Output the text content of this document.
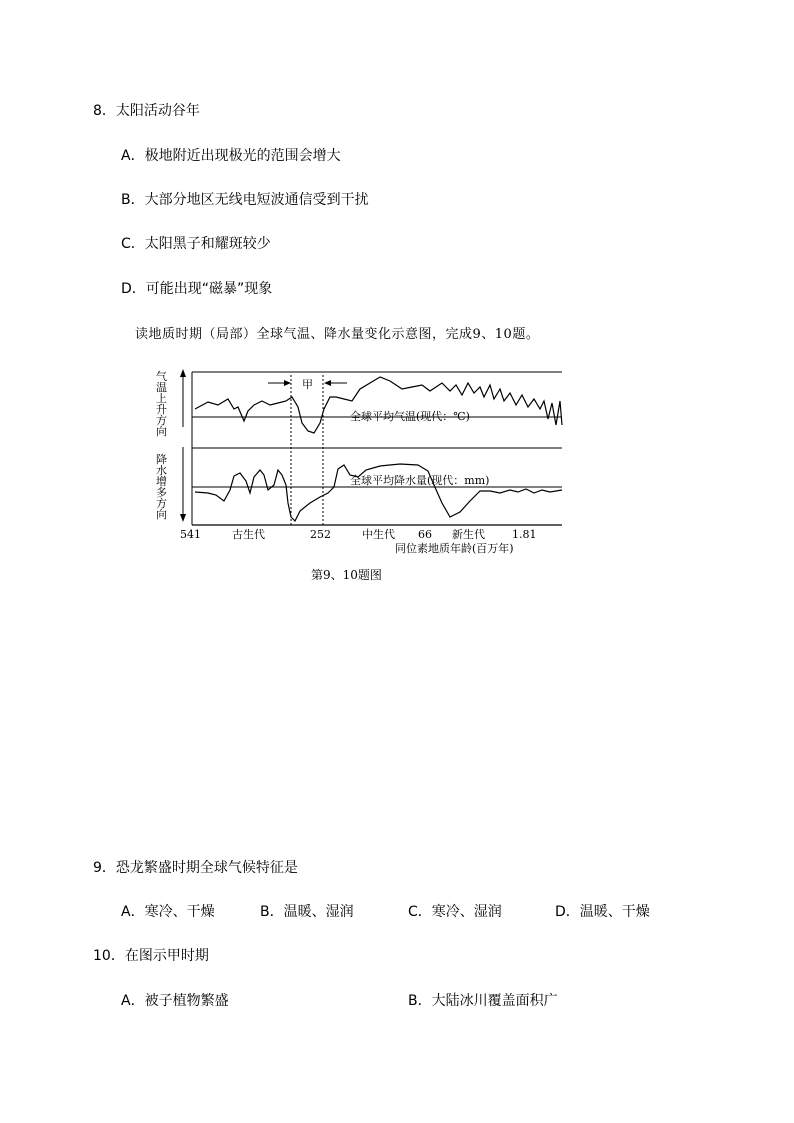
8．太阳活动谷年
A．极地附近出现极光的范围会增大
B．大部分地区无线电短波通信受到干扰
C．太阳黑子和耀斑较少
D．可能出现“磁暴”现象
读地质时期（局部）全球气温、降水量变化示意图，完成9、10题。
气 温上 升方向
降水增 多方向
甲
全球平均气温(现代：℃)
全球平均降水量(现代：mm)
541	古生代	252	中生代 66 新生代 1.81
同位素地质年龄(百万年)
第9、10题图
9．恐龙繁盛时期全球气候特征是
A．寒冷、干燥	B．温暖、湿润	C．寒冷、湿润	D．温暖、干燥
10．在图示甲时期
A．被子植物繁盛	B．大陆冰川覆盖面积广
